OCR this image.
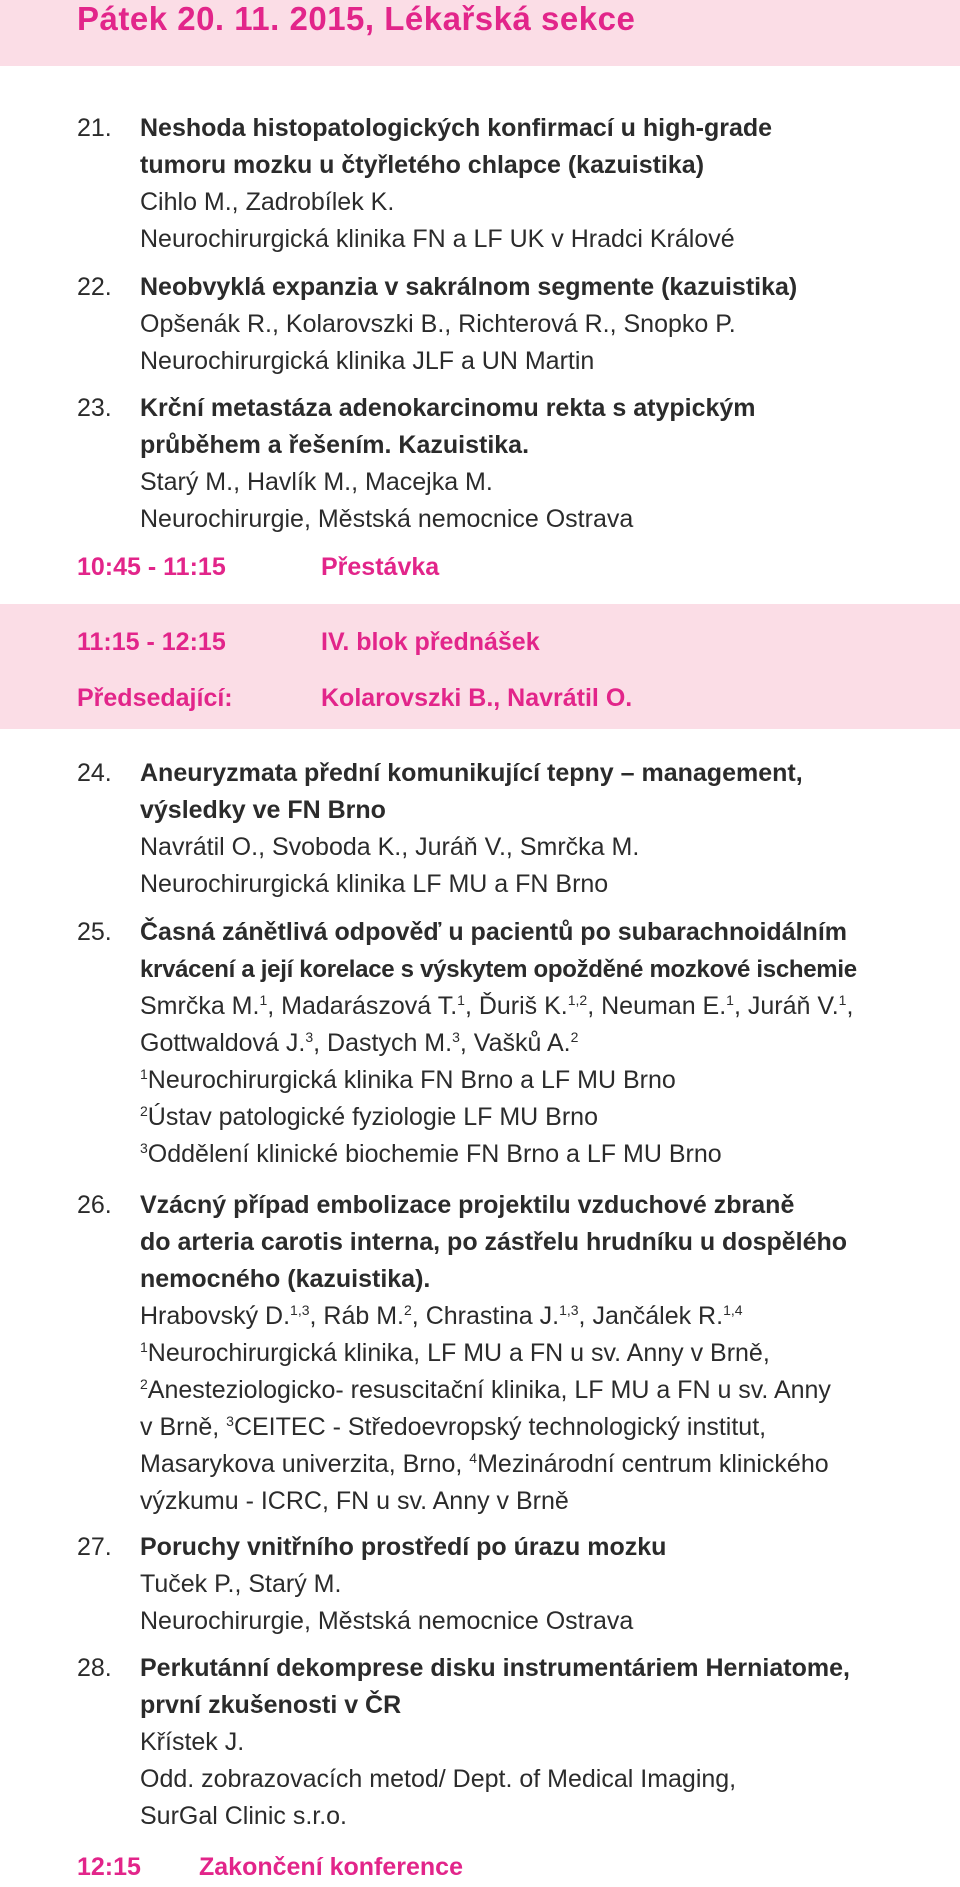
Pátek 20. 11. 2015, Lékařská sekce
21. Neshoda histopatologických konfirmací u high-grade
tumoru mozku u čtyřletého chlapce (kazuistika)
Cihlo M., Zadrobílek K.
Neurochirurgická klinika FN a LF UK v Hradci Králové
22. Neobvyklá expanzia v sakrálnom segmente (kazuistika)
Opšenák R., Kolarovszki B., Richterová R., Snopko P.
Neurochirurgická klinika JLF a UN Martin
23. Krční metastáza adenokarcinomu rekta s atypickým
průběhem a řešením. Kazuistika.
Starý M., Havlík M., Macejka M.
Neurochirurgie, Městská nemocnice Ostrava
10:45 - 11:15	Přestávka
11:15 - 12:15	IV. blok přednášek
Předsedající:	Kolarovszki B., Navrátil O.
24. Aneuryzmata přední komunikující tepny – management,
výsledky ve FN Brno
Navrátil O., Svoboda K., Juráň V., Smrčka M.
Neurochirurgická klinika LF MU a FN Brno
25. Časná zánětlivá odpověď u pacientů po subarachnoidálním
krvácení a její korelace s výskytem opožděné mozkové ischemie
Smrčka M.$^1$, Madarászová T.$^1$, Ďuriš K.$^{1,2}$, Neuman E.$^1$, Juráň V.$^1$,
Gottwaldová J.$^3$, Dastych M.$^3$, Vašků A.$^2$
$^1$Neurochirurgická klinika FN Brno a LF MU Brno
$^2$Ústav patologické fyziologie LF MU Brno
$^3$Oddělení klinické biochemie FN Brno a LF MU Brno
26. Vzácný případ embolizace projektilu vzduchové zbraně
do arteria carotis interna, po zástřelu hrudníku u dospělého
nemocného (kazuistika).
Hrabovský D.$^{1,3}$, Ráb M.$^2$, Chrastina J.$^{1,3}$, Jančálek R.$^{1,4}$
$^1$Neurochirurgická klinika, LF MU a FN u sv. Anny v Brně,
$^2$Anesteziologicko- resuscitační klinika, LF MU a FN u sv. Anny
v Brně, $^3$CEITEC - Středoevropský technologický institut,
Masarykova univerzita, Brno, $^4$Mezinárodní centrum klinického
výzkumu - ICRC, FN u sv. Anny v Brně
27. Poruchy vnitřního prostředí po úrazu mozku
Tuček P., Starý M.
Neurochirurgie, Městská nemocnice Ostrava
28. Perkutánní dekomprese disku instrumentáriem Herniatome,
první zkušenosti v ČR
Křístek J.
Odd. zobrazovacích metod/ Dept. of Medical Imaging,
SurGal Clinic s.r.o.
12:15 Zakončení konference
